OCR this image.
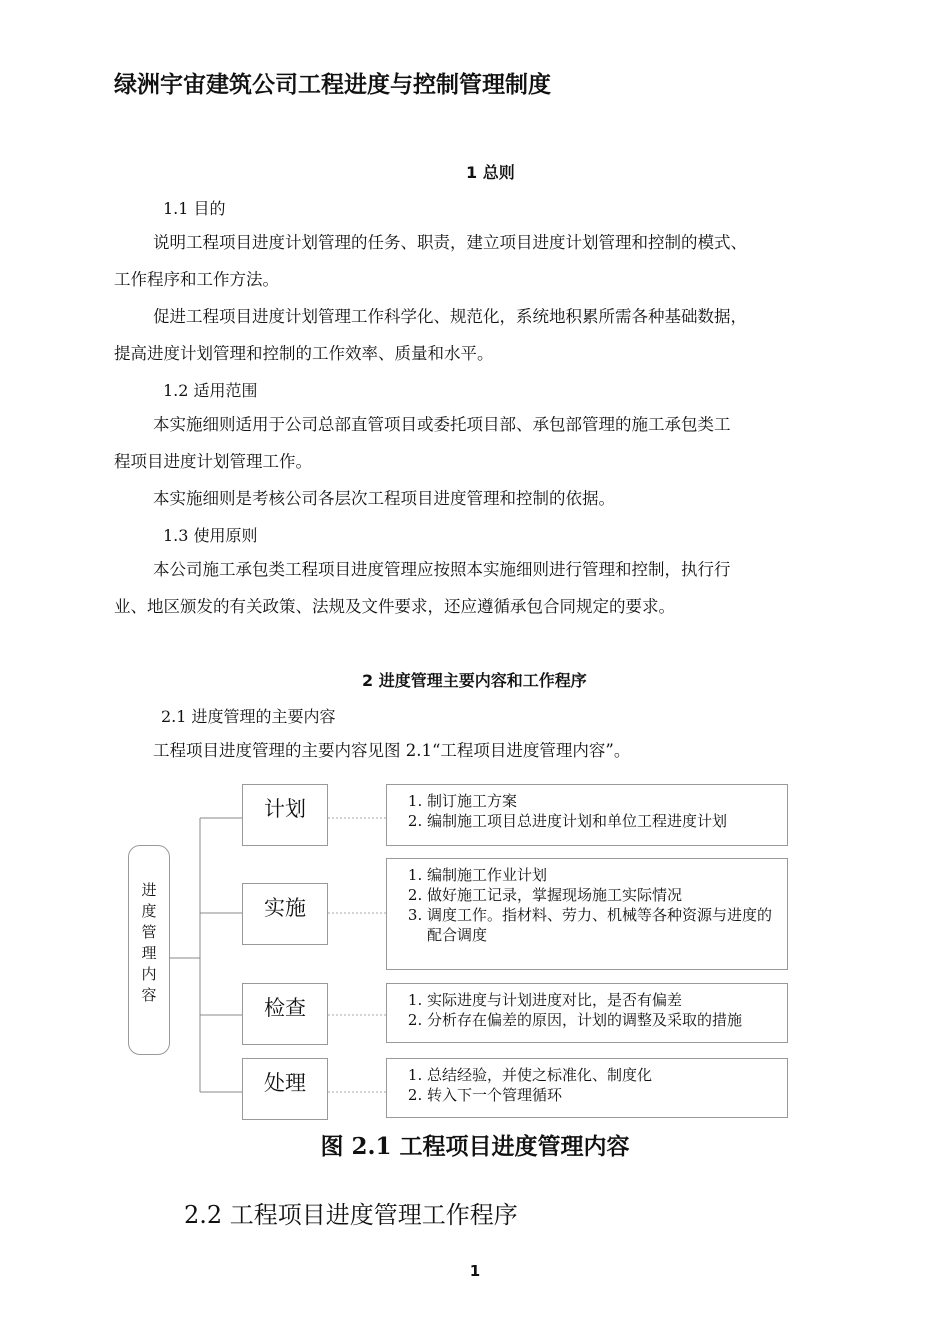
绿洲宇宙建筑公司工程进度与控制管理制度
1 总则
1.1 目的
说明工程项目进度计划管理的任务、职责，建立项目进度计划管理和控制的模式、
工作程序和工作方法。
促进工程项目进度计划管理工作科学化、规范化，系统地积累所需各种基础数据，
提高进度计划管理和控制的工作效率、质量和水平。
1.2 适用范围
本实施细则适用于公司总部直管项目或委托项目部、承包部管理的施工承包类工
程项目进度计划管理工作。
本实施细则是考核公司各层次工程项目进度管理和控制的依据。
1.3 使用原则
本公司施工承包类工程项目进度管理应按照本实施细则进行管理和控制，执行行
业、地区颁发的有关政策、法规及文件要求，还应遵循承包合同规定的要求。
2 进度管理主要内容和工作程序
2.1 进度管理的主要内容
工程项目进度管理的主要内容见图 2.1“工程项目进度管理内容”。
进
度
管
理
内
容
计划
实施
检查
处理
1. 制订施工方案
2. 编制施工项目总进度计划和单位工程进度计划
1. 编制施工作业计划
2. 做好施工记录，掌握现场施工实际情况
3. 调度工作。指材料、劳力、机械等各种资源与进度的配合调度
1. 实际进度与计划进度对比，是否有偏差
2. 分析存在偏差的原因，计划的调整及采取的措施
1. 总结经验，并使之标准化、制度化
2. 转入下一个管理循环
图 2.1 工程项目进度管理内容
2.2 工程项目进度管理工作程序
1
